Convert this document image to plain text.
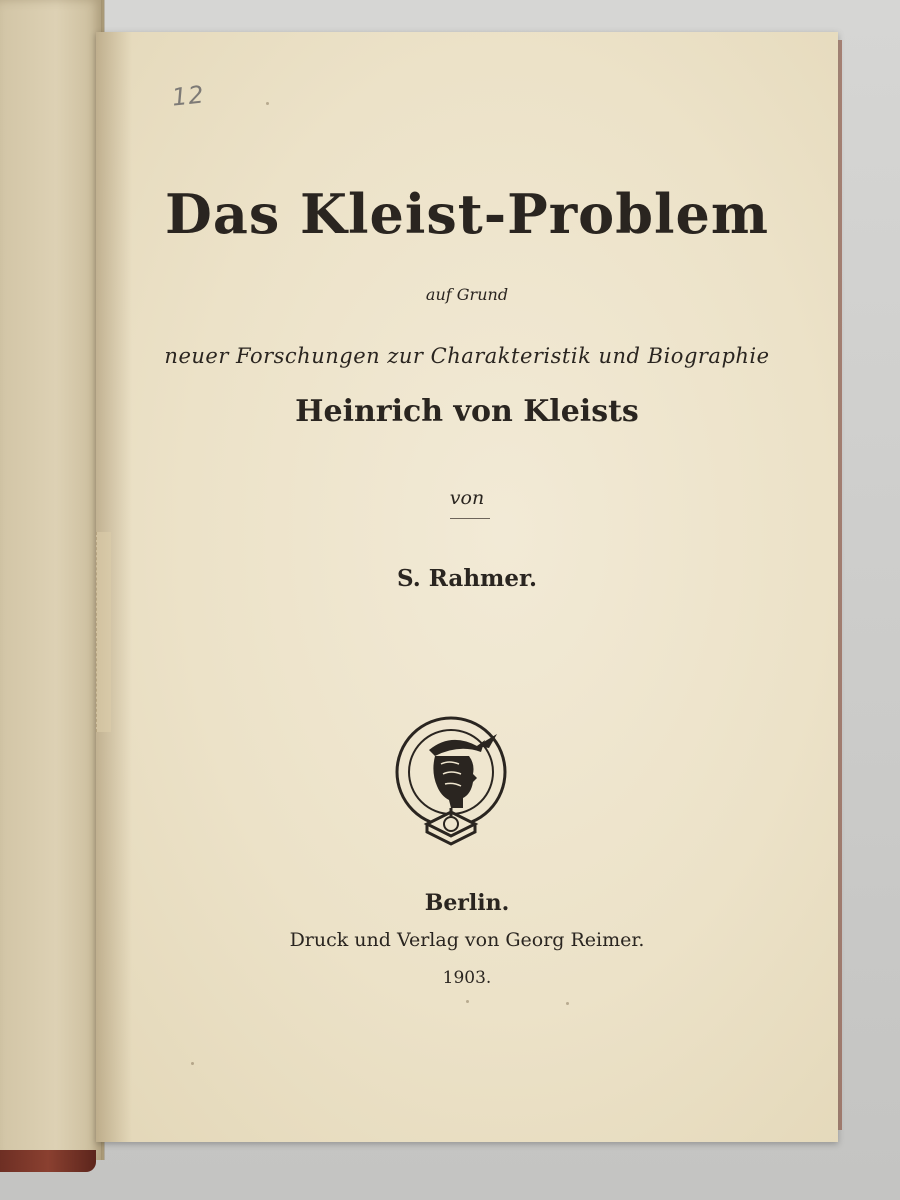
12
Das Kleist-Problem
auf Grund
neuer Forschungen zur Charakteristik und Biographie
Heinrich von Kleists
von
S. Rahmer.
Berlin.
Druck und Verlag von Georg Reimer.
1903.
